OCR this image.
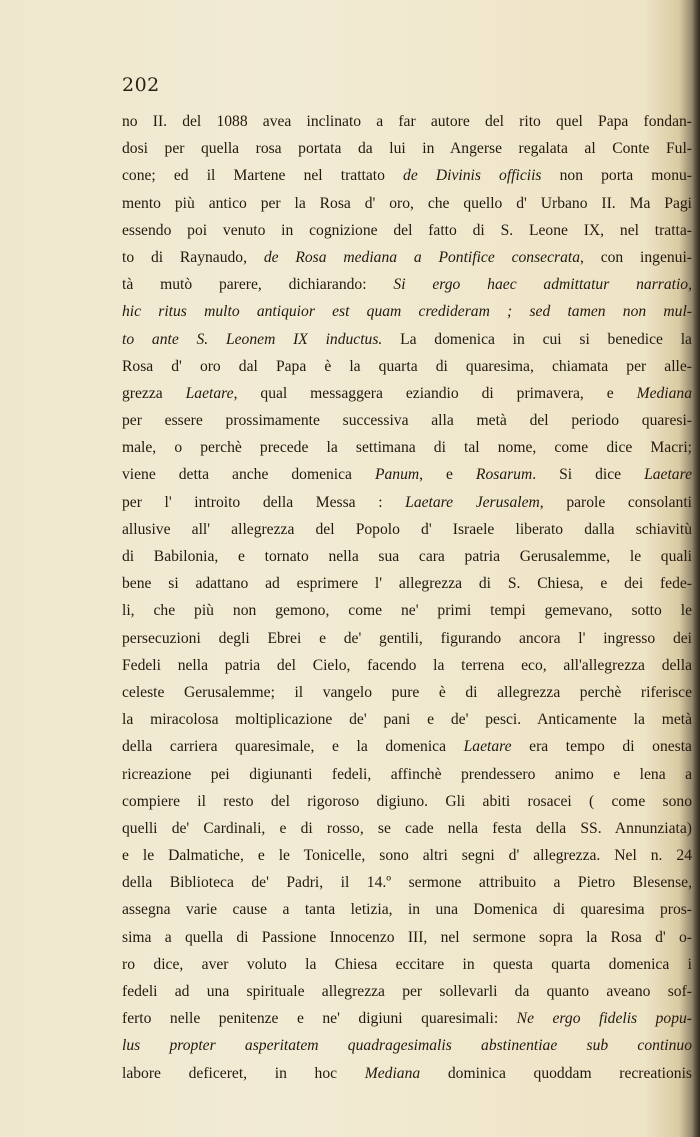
202
no II. del 1088 avea inclinato a far autore del rito quel Papa fondan-
dosi per quella rosa portata da lui in Angerse regalata al Conte Ful-
cone; ed il Martene nel trattato de Divinis officiis non porta monu-
mento più antico per la Rosa d' oro, che quello d' Urbano II. Ma Pagi
essendo poi venuto in cognizione del fatto di S. Leone IX, nel tratta-
to di Raynaudo, de Rosa mediana a Pontifice consecrata, con ingenui-
tà mutò parere, dichiarando: Si ergo haec admittatur narratio,
hic ritus multo antiquior est quam credideram ; sed tamen non mul-
to ante S. Leonem IX inductus. La domenica in cui si benedice la
Rosa d' oro dal Papa è la quarta di quaresima, chiamata per alle-
grezza Laetare, qual messaggera eziandio di primavera, e Mediana
per essere prossimamente successiva alla metà del periodo quaresi-
male, o perchè precede la settimana di tal nome, come dice Macri;
viene detta anche domenica Panum, e Rosarum. Si dice Laetare
per l' introito della Messa : Laetare Jerusalem, parole consolanti
allusive all' allegrezza del Popolo d' Israele liberato dalla schiavitù
di Babilonia, e tornato nella sua cara patria Gerusalemme, le quali
bene si adattano ad esprimere l' allegrezza di S. Chiesa, e dei fede-
li, che più non gemono, come ne' primi tempi gemevano, sotto le
persecuzioni degli Ebrei e de' gentili, figurando ancora l' ingresso dei
Fedeli nella patria del Cielo, facendo la terrena eco, all'allegrezza della
celeste Gerusalemme; il vangelo pure è di allegrezza perchè riferisce
la miracolosa moltiplicazione de' pani e de' pesci. Anticamente la metà
della carriera quaresimale, e la domenica Laetare era tempo di onesta
ricreazione pei digiunanti fedeli, affinchè prendessero animo e lena a
compiere il resto del rigoroso digiuno. Gli abiti rosacei ( come sono
quelli de' Cardinali, e di rosso, se cade nella festa della SS. Annunziata)
e le Dalmatiche, e le Tonicelle, sono altri segni d' allegrezza. Nel n. 24
della Biblioteca de' Padri, il 14.º sermone attribuito a Pietro Blesense,
assegna varie cause a tanta letizia, in una Domenica di quaresima pros-
sima a quella di Passione Innocenzo III, nel sermone sopra la Rosa d' o-
ro dice, aver voluto la Chiesa eccitare in questa quarta domenica i
fedeli ad una spirituale allegrezza per sollevarli da quanto aveano sof-
ferto nelle penitenze e ne' digiuni quaresimali: Ne ergo fidelis popu-
lus propter asperitatem quadragesimalis abstinentiae sub continuo
labore deficeret, in hoc Mediana dominica quoddam recreationis
